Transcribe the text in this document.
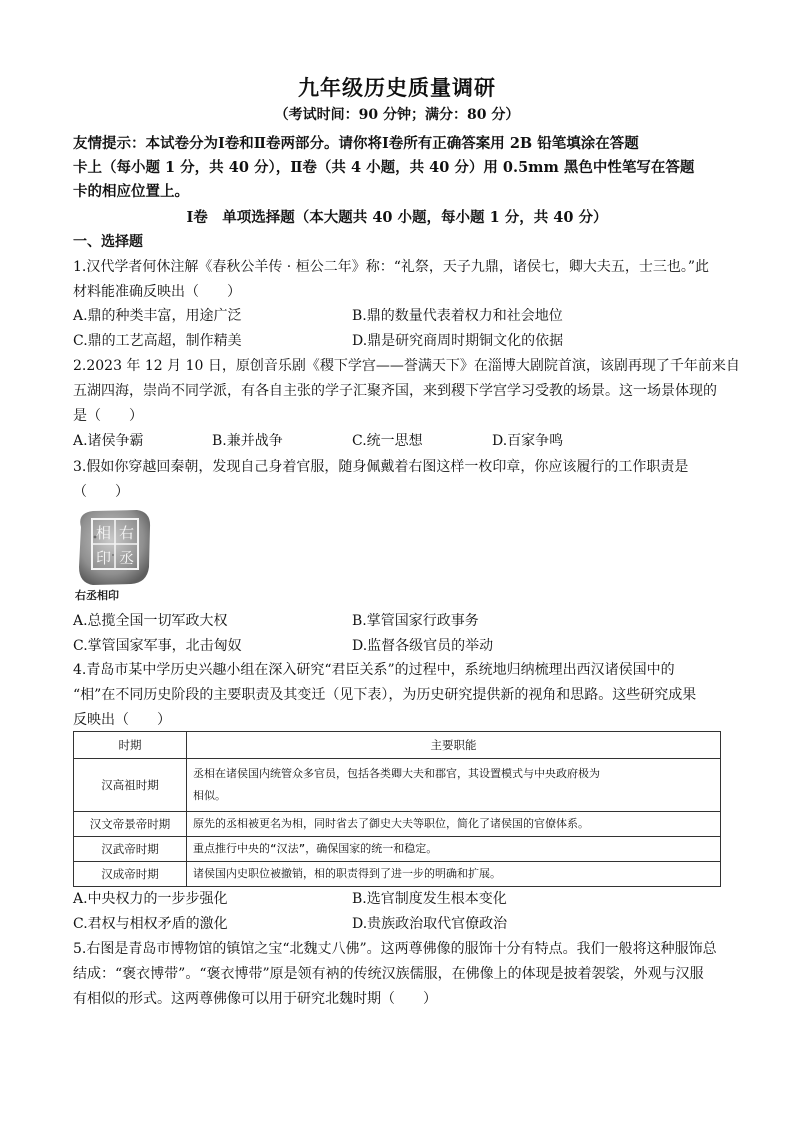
九年级历史质量调研
（考试时间：90 分钟；满分：80 分）
友情提示：本试卷分为Ⅰ卷和Ⅱ卷两部分。请你将Ⅰ卷所有正确答案用 2B 铅笔填涂在答题
卡上（每小题 1 分，共 40 分），Ⅱ卷（共 4 小题，共 40 分）用 0.5mm 黑色中性笔写在答题
卡的相应位置上。
Ⅰ卷　单项选择题（本大题共 40 小题，每小题 1 分，共 40 分）
一、选择题
1.汉代学者何休注解《春秋公羊传 · 桓公二年》称：“礼祭，天子九鼎，诸侯七，卿大夫五，士三也。”此
材料能准确反映出（　　）
A.鼎的种类丰富，用途广泛	B.鼎的数量代表着权力和社会地位
C.鼎的工艺高超，制作精美	D.鼎是研究商周时期铜文化的依据
2.2023 年 12 月 10 日，原创音乐剧《稷下学宫——誉满天下》在淄博大剧院首演，该剧再现了千年前来自
五湖四海，崇尚不同学派，有各自主张的学子汇聚齐国，来到稷下学宫学习受教的场景。这一场景体现的
是（　　）
A.诸侯争霸	B.兼并战争	C.统一思想	D.百家争鸣
3.假如你穿越回秦朝，发现自己身着官服，随身佩戴着右图这样一枚印章，你应该履行的工作职责是
（　　）
右
相
印 丞
右丞相印
A.总揽全国一切军政大权	B.掌管国家行政事务
C.掌管国家军事，北击匈奴	D.监督各级官员的举动
4.青岛市某中学历史兴趣小组在深入研究“君臣关系”的过程中，系统地归纳梳理出西汉诸侯国中的
“相”在不同历史阶段的主要职责及其变迁（见下表），为历史研究提供新的视角和思路。这些研究成果
反映出（　　）
时期	主要职能
汉高祖时期	丞相在诸侯国内统管众多官员，包括各类卿大夫和郡官，其设置模式与中央政府极为
相似。

汉文帝景帝时期	原先的丞相被更名为相，同时省去了御史大夫等职位，简化了诸侯国的官僚体系。
汉武帝时期	重点推行中央的“汉法”，确保国家的统一和稳定。
汉成帝时期	诸侯国内史职位被撤销，相的职责得到了进一步的明确和扩展。
A.中央权力的一步步强化	B.选官制度发生根本变化
C.君权与相权矛盾的激化	D.贵族政治取代官僚政治
5.右图是青岛市博物馆的镇馆之宝“北魏丈八佛”。这两尊佛像的服饰十分有特点。我们一般将这种服饰总
结成：“褒衣博带”。“褒衣博带”原是领有衲的传统汉族儒服，在佛像上的体现是披着袈裟，外观与汉服
有相似的形式。这两尊佛像可以用于研究北魏时期（　　）
